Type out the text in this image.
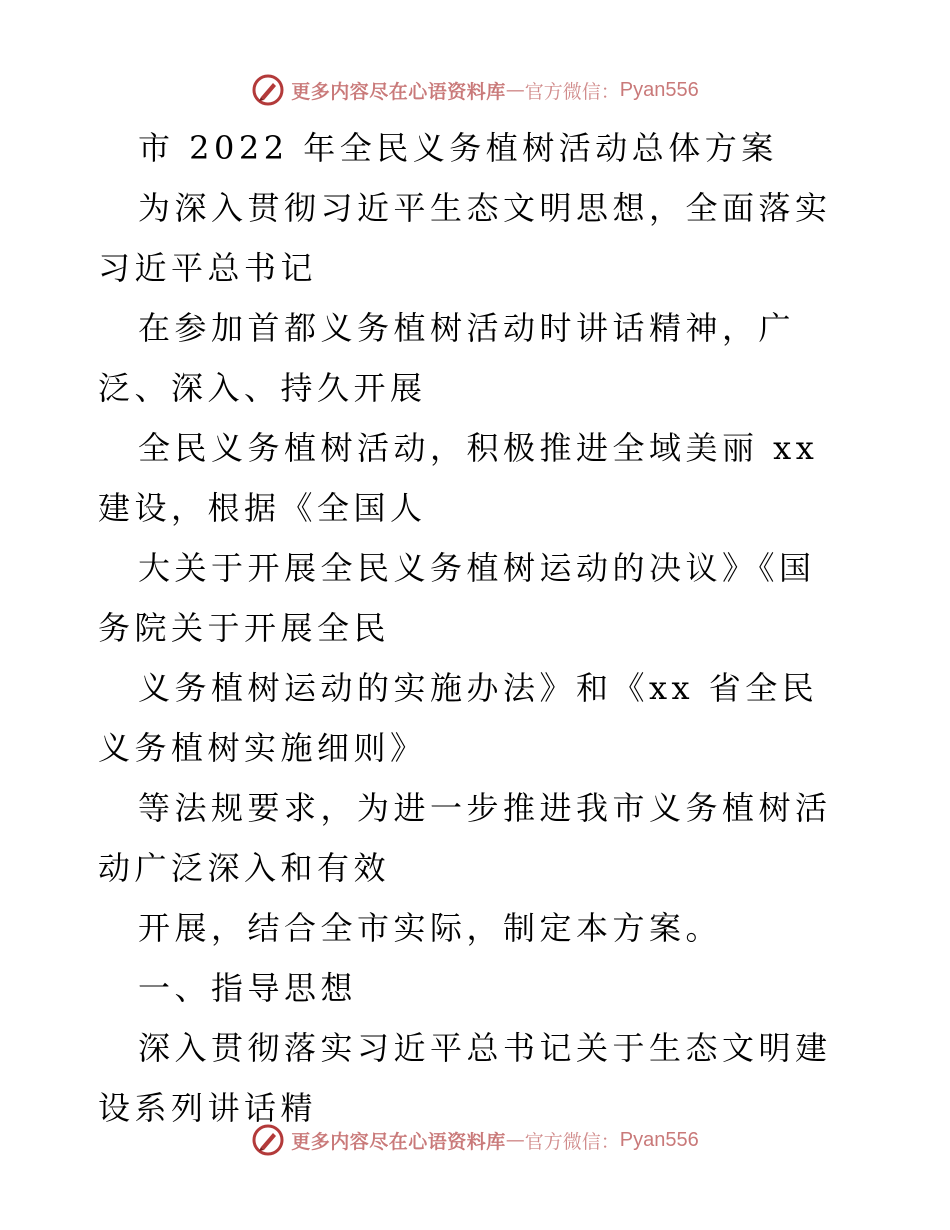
更多内容尽在心语资料库 — 官方微信： Pyan556

市 2022 年全民义务植树活动总体方案

为深入贯彻习近平生态文明思想，全面落实习近平总书记

在参加首都义务植树活动时讲话精神，广泛、深入、持久开展

全民义务植树活动，积极推进全域美丽 xx 建设，根据《全国人

大关于开展全民义务植树运动的决议》《国务院关于开展全民

义务植树运动的实施办法》和《xx 省全民义务植树实施细则》

等法规要求，为进一步推进我市义务植树活动广泛深入和有效

开展，结合全市实际，制定本方案。

一、指导思想

深入贯彻落实习近平总书记关于生态文明建设系列讲话精

更多内容尽在心语资料库 — 官方微信： Pyan556
